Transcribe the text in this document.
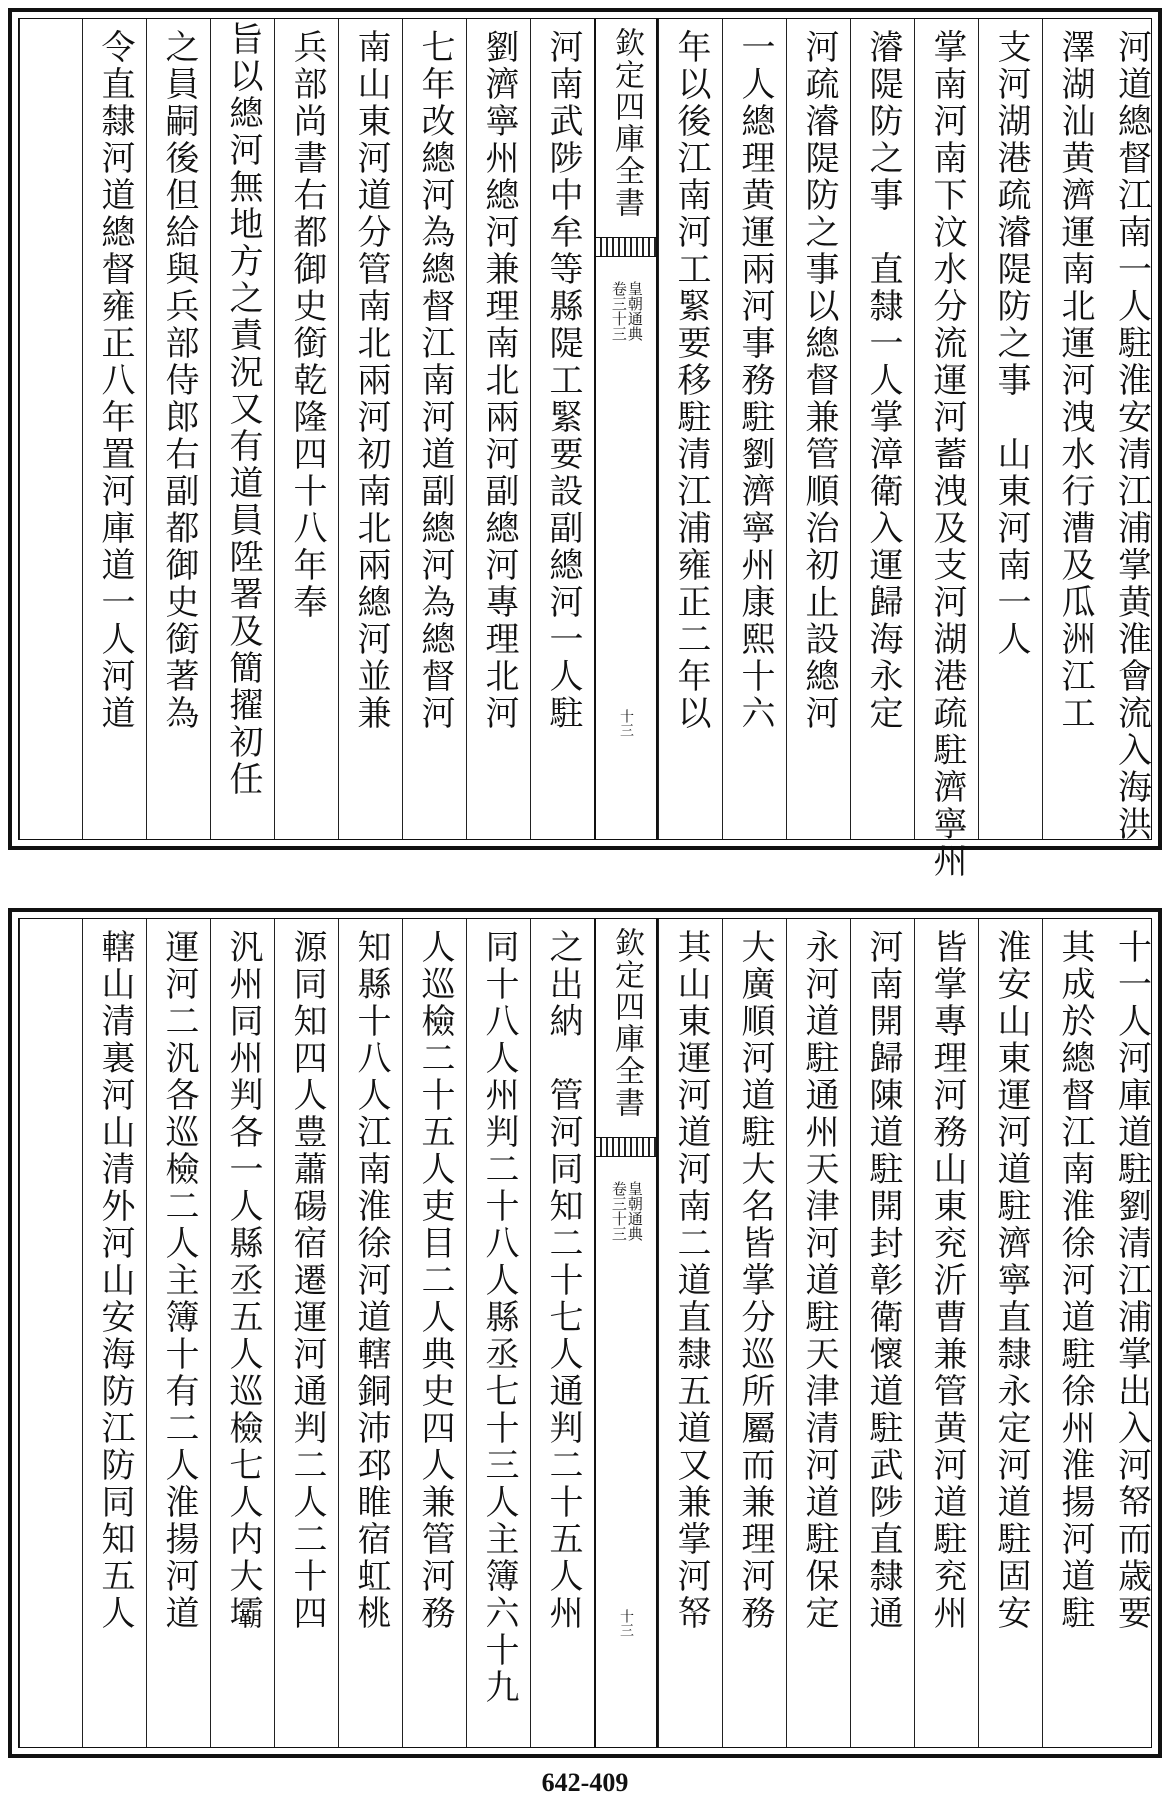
河道總督江南一人駐淮安清江浦掌黄淮會流入海洪
澤湖汕黄濟運南北運河洩水行漕及瓜洲江工
支河湖港疏濬隄防之事　山東河南一人
掌南河南下汶水分流運河蓄洩及支河湖港疏駐濟寧州
濬隄防之事　直隸一人掌漳衛入運歸海永定
河疏濬隄防之事以總督兼管順治初止設總河
一人總理黄運兩河事務駐劉濟寧州康熙十六
年以後江南河工緊要移駐清江浦雍正二年以
欽定四庫全書
皇朝通典
卷三十三
十三
河南武陟中牟等縣隄工緊要設副總河一人駐
劉濟寧州總河兼理南北兩河副總河專理北河
七年改總河為總督江南河道副總河為總督河
南山東河道分管南北兩河初南北兩總河並兼
兵部尚書右都御史銜乾隆四十八年奉
旨以總河無地方之責況又有道員陞署及簡擢初任
之員嗣後但給與兵部侍郎右副都御史銜著為
令直隸河道總督雍正八年置河庫道一人河道
十一人河庫道駐劉清江浦掌出入河帑而歳要
其成於總督江南淮徐河道駐徐州淮揚河道駐
淮安山東運河道駐濟寧直隸永定河道駐固安
皆掌專理河務山東兖沂曹兼管黄河道駐兖州
河南開歸陳道駐開封彰衛懷道駐武陟直隸通
永河道駐通州天津河道駐天津清河道駐保定
大廣順河道駐大名皆掌分巡所屬而兼理河務
其山東運河道河南二道直隸五道又兼掌河帑
欽定四庫全書
皇朝通典
卷三十三
十三
之出納　管河同知二十七人通判二十五人州
同十八人州判二十八人縣丞七十三人主簿六十九
人巡檢二十五人吏目二人典史四人兼管河務
知縣十八人江南淮徐河道轄銅沛邳睢宿虹桃
源同知四人豊蕭碭宿遷運河通判二人二十四
汎州同州判各一人縣丞五人巡檢七人内大壩
運河二汎各巡檢二人主簿十有二人淮揚河道
轄山清裏河山清外河山安海防江防同知五人
642-409
